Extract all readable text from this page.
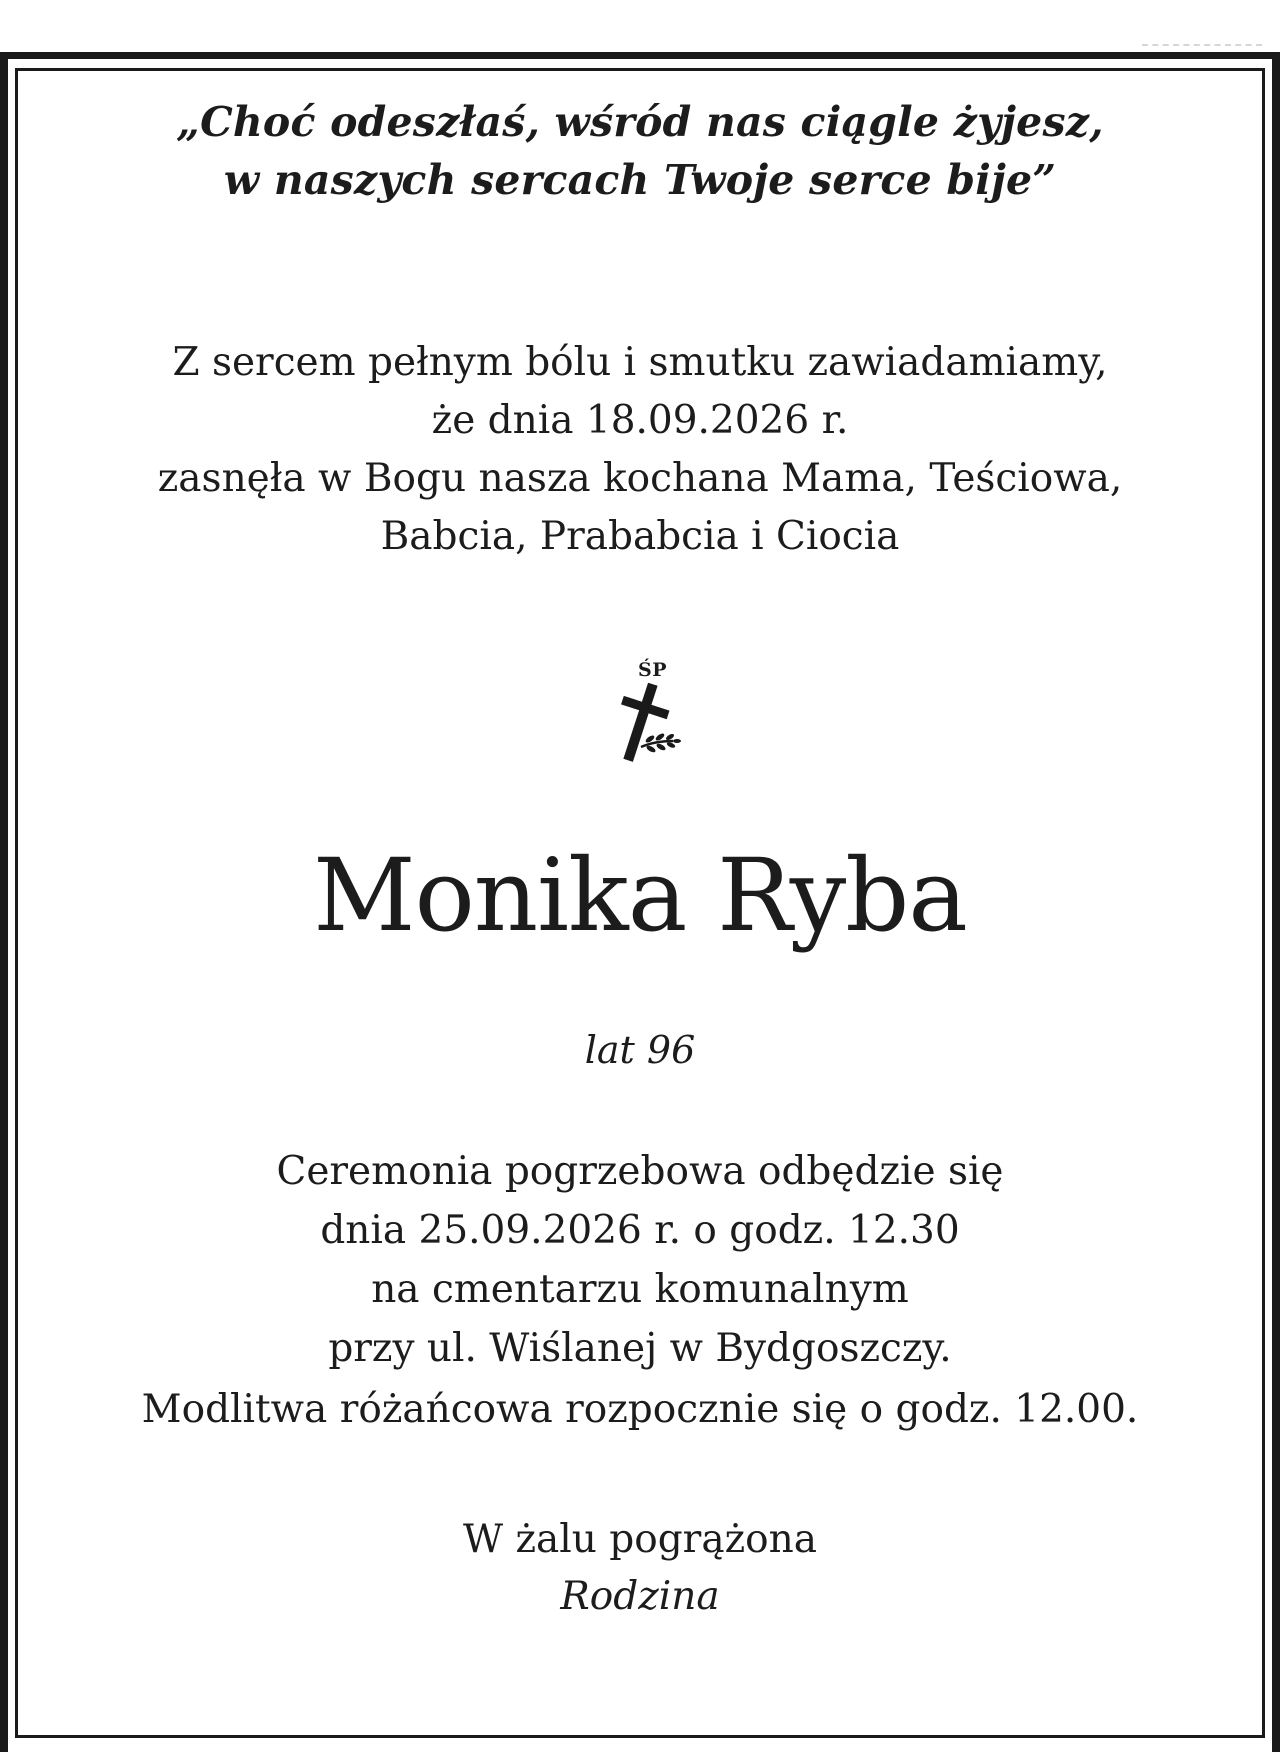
„Choć odeszłaś, wśród nas ciągle żyjesz,
w naszych sercach Twoje serce bije”
Z sercem pełnym bólu i smutku zawiadamiamy,
że dnia 18.09.2026 r.
zasnęła w Bogu nasza kochana Mama, Teściowa,
Babcia, Prababcia i Ciocia
ŚP
Monika Ryba
lat 96
Ceremonia pogrzebowa odbędzie się
dnia 25.09.2026 r. o godz. 12.30
na cmentarzu komunalnym
przy ul. Wiślanej w Bydgoszczy.
Modlitwa różańcowa rozpocznie się o godz. 12.00.
W żalu pogrążona
Rodzina
